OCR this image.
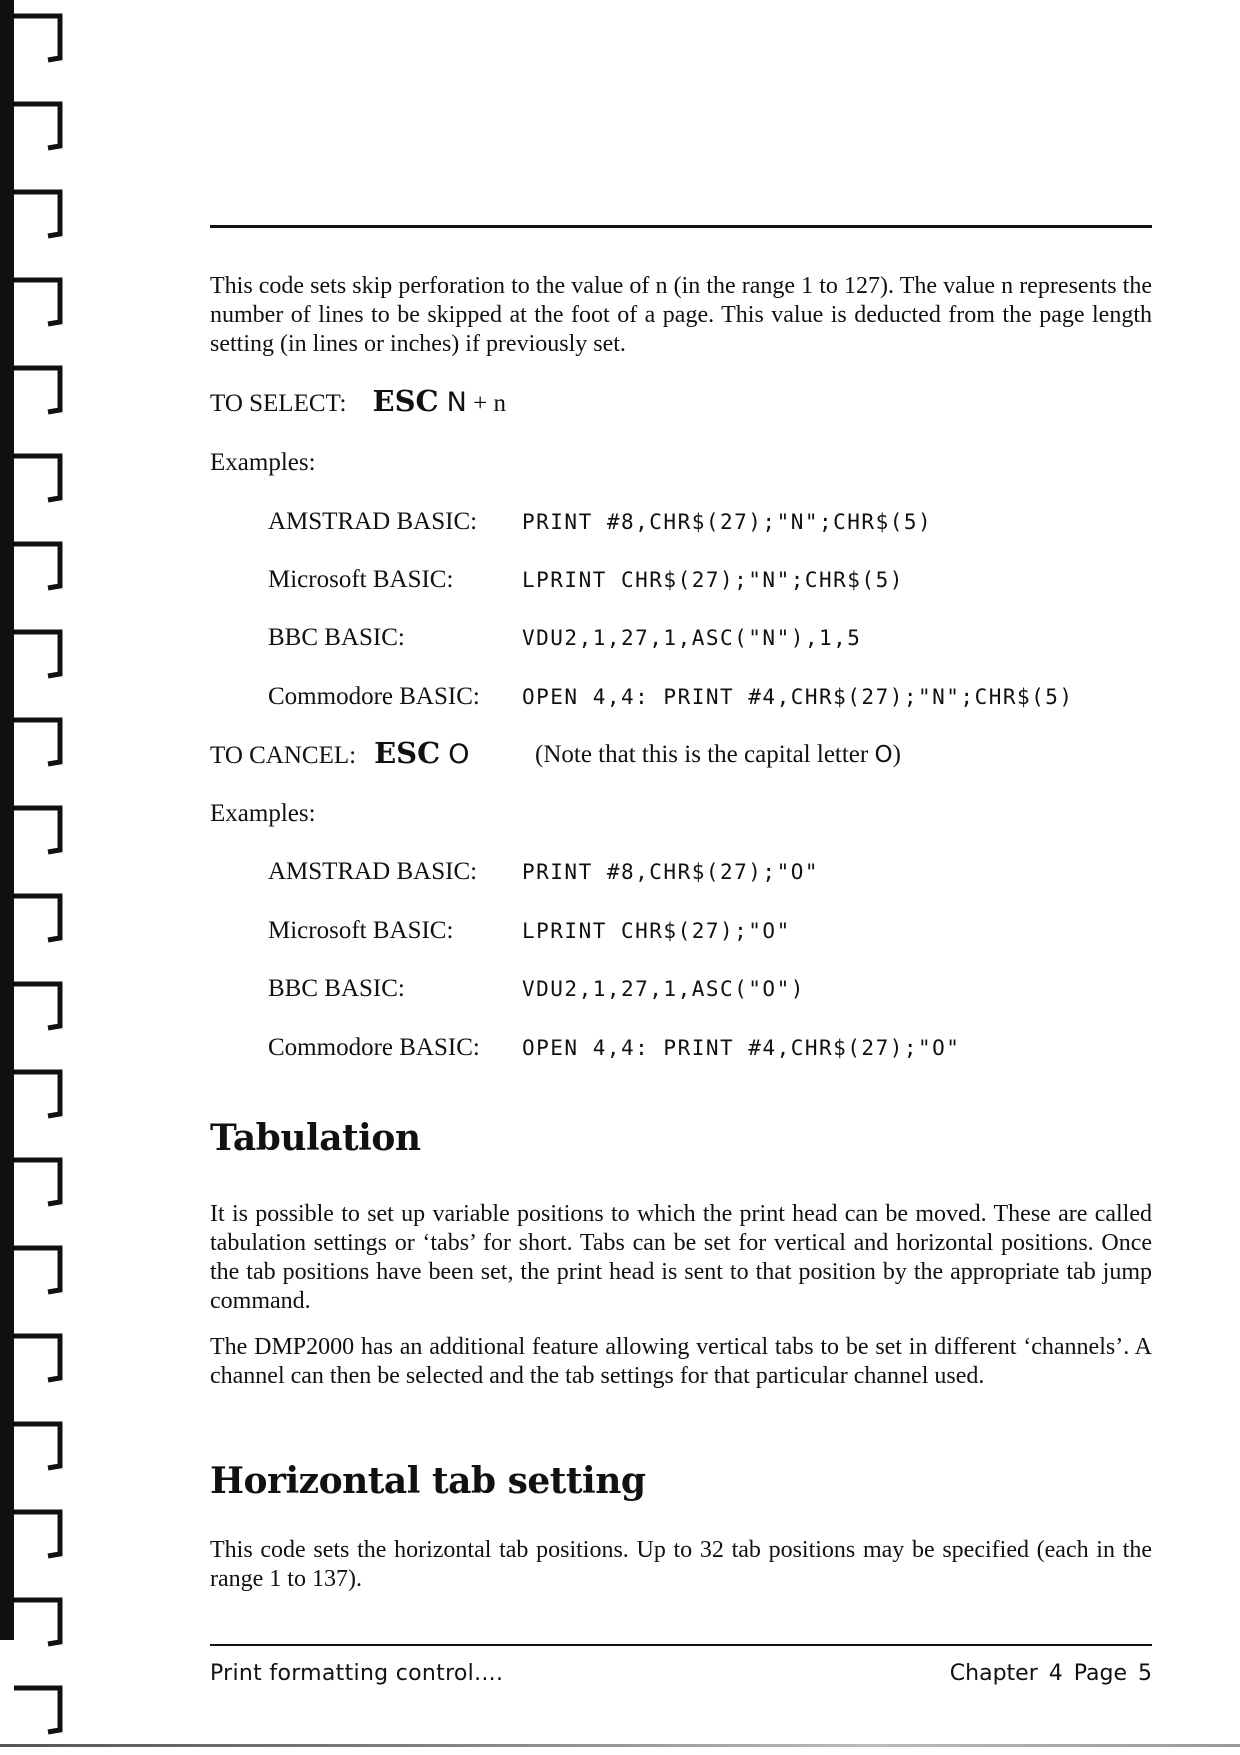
This code sets skip perforation to the value of n (in the range 1 to 127). The value n represents the number of lines to be skipped at the foot of a page. This value is deducted from the page length setting (in lines or inches) if previously set.

TO SELECT: ESC N + n
Examples:
AMSTRAD BASIC: PRINT #8,CHR$(27);"N";CHR$(5)
Microsoft BASIC:	LPRINT CHR$(27);"N";CHR$(5)
BBC BASIC:	VDU2,1,27,1,ASC("N"),1,5
Commodore BASIC: OPEN 4,4: PRINT #4,CHR$(27);"N";CHR$(5)
TO CANCEL: ESC O	(Note that this is the capital letter O)
Examples:
AMSTRAD BASIC: PRINT #8,CHR$(27);"O"
Microsoft BASIC:	LPRINT CHR$(27);"O"
BBC BASIC:	VDU2,1,27,1,ASC("O")
Commodore BASIC: OPEN 4,4: PRINT #4,CHR$(27);"O"
Tabulation

It is possible to set up variable positions to which the print head can be moved. These are called tabulation settings or ‘tabs’ for short. Tabs can be set for vertical and horizontal positions. Once the tab positions have been set, the print head is sent to that position by the appropriate tab jump command.

The DMP2000 has an additional feature allowing vertical tabs to be set in different ‘channels’. A channel can then be selected and the tab settings for that particular channel used.

Horizontal tab setting

This code sets the horizontal tab positions. Up to 32 tab positions may be specified (each in the range 1 to 137).

Print formatting control....	Chapter 4 Page 5
